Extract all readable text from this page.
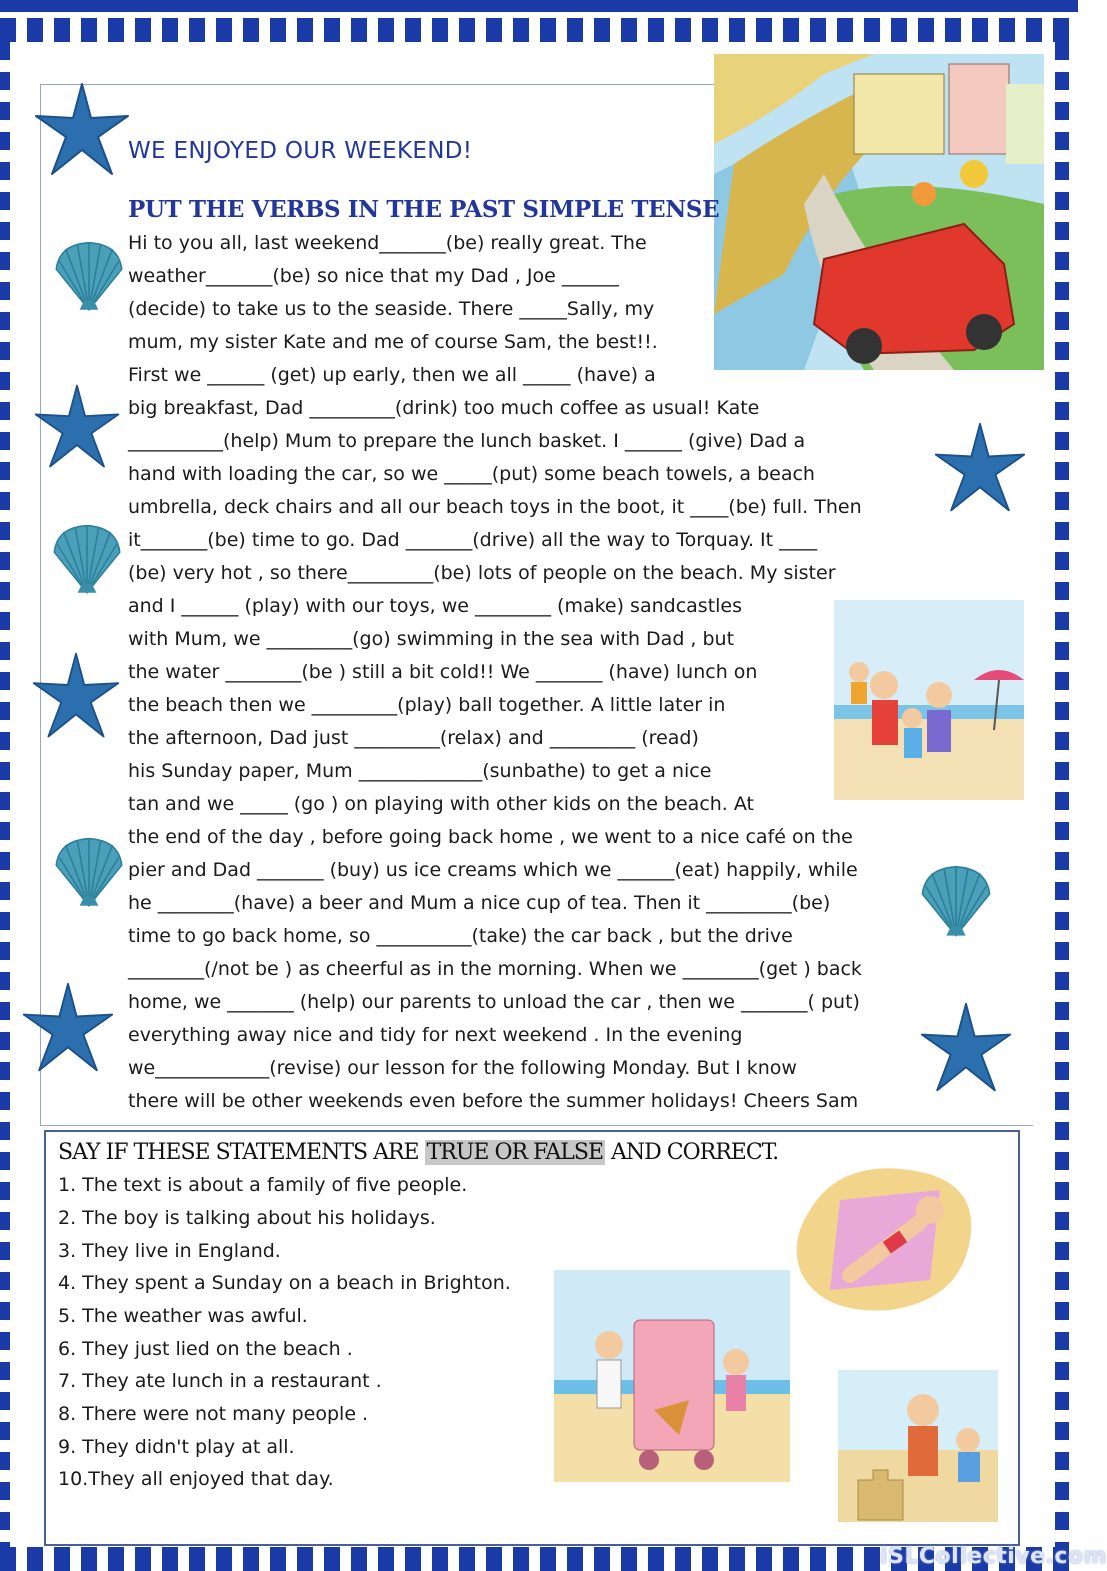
WE ENJOYED OUR WEEKEND!
PUT THE VERBS IN THE PAST SIMPLE TENSE
Hi to you all, last weekend_______(be) really great. The
weather_______(be) so nice that my Dad , Joe ______
(decide) to take us to the seaside. There _____Sally, my
mum, my sister Kate and me of course Sam, the best!!.
First we ______ (get) up early, then we all _____ (have) a
big breakfast, Dad _________(drink) too much coffee as usual! Kate
__________(help) Mum to prepare the lunch basket. I ______ (give) Dad a
hand with loading the car, so we _____(put) some beach towels, a beach
umbrella, deck chairs and all our beach toys in the boot, it ____(be) full. Then
it_______(be) time to go. Dad _______(drive) all the way to Torquay. It ____
(be) very hot , so there_________(be) lots of people on the beach. My sister
and I ______ (play) with our toys, we ________ (make) sandcastles
with Mum, we _________(go) swimming in the sea with Dad , but
the water ________(be ) still a bit cold!! We _______ (have) lunch on
the beach then we _________(play) ball together. A little later in
the afternoon, Dad just _________(relax) and _________ (read)
his Sunday paper, Mum _____________(sunbathe) to get a nice
tan and we _____ (go ) on playing with other kids on the beach. At
the end of the day , before going back home , we went to a nice café on the
pier and Dad _______ (buy) us ice creams which we ______(eat) happily, while
he ________(have) a beer and Mum a nice cup of tea. Then it _________(be)
time to go back home, so __________(take) the car back , but the drive
________(/not be ) as cheerful as in the morning. When we ________(get ) back
home, we _______ (help) our parents to unload the car , then we _______( put)
everything away nice and tidy for next weekend . In the evening
we____________(revise) our lesson for the following Monday. But I know
there will be other weekends even before the summer holidays! Cheers Sam
SAY IF THESE STATEMENTS ARE TRUE OR FALSE AND CORRECT.
1. The text is about a family of five people.
2. The boy is talking about his holidays.
3. They live in England.
4. They spent a Sunday on a beach in Brighton.
5. The weather was awful.
6. They just lied on the beach .
7. They ate lunch in a restaurant .
8. There were not many people .
9. They didn't play at all.
10.They all enjoyed that day.
iSLCollective.com
